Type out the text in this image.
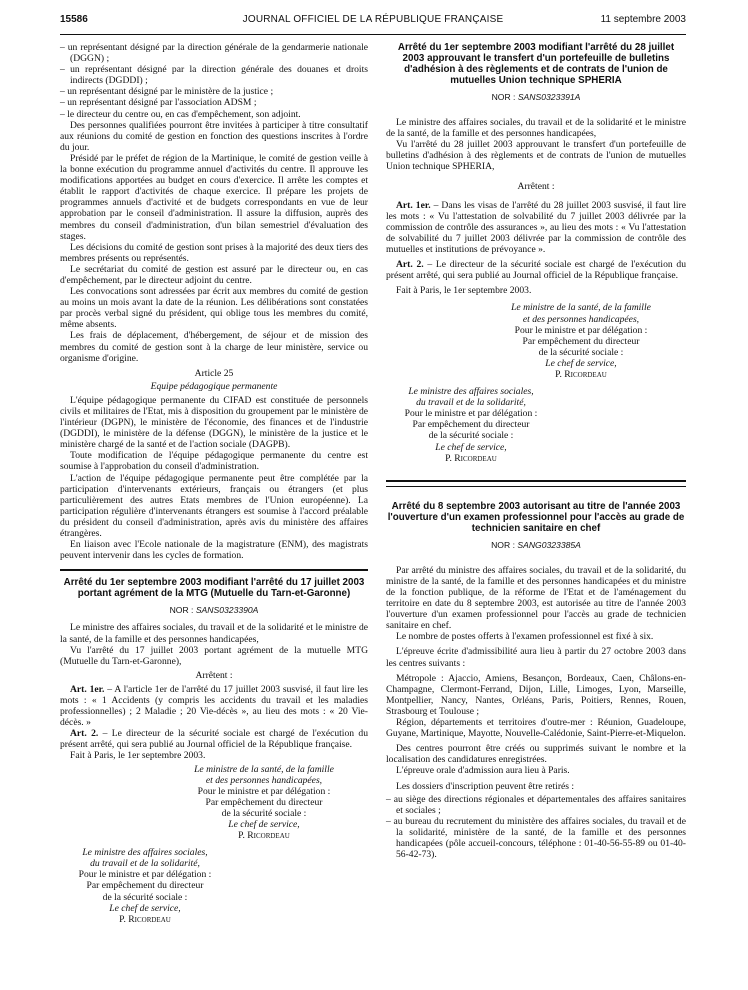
15586	JOURNAL OFFICIEL DE LA RÉPUBLIQUE FRANÇAISE	11 septembre 2003
– un représentant désigné par la direction générale de la gendarmerie nationale (DGGN) ;
– un représentant désigné par la direction générale des douanes et droits indirects (DGDDI) ;
– un représentant désigné par le ministère de la justice ;
– un représentant désigné par l'association ADSM ;
– le directeur du centre ou, en cas d'empêchement, son adjoint.

Des personnes qualifiées pourront être invitées à participer à titre consultatif aux réunions du comité de gestion en fonction des questions inscrites à l'ordre du jour.

Présidé par le préfet de région de la Martinique, le comité de gestion veille à la bonne exécution du programme annuel d'activités du centre. Il approuve les modifications apportées au budget en cours d'exercice. Il arrête les comptes et établit le rapport d'activités de chaque exercice. Il prépare les projets de programmes annuels d'activité et de budgets correspondants en vue de leur approbation par le conseil d'administration. Il assure la diffusion, auprès des membres du conseil d'administration, d'un bilan semestriel d'évaluation des stages.

Les décisions du comité de gestion sont prises à la majorité des deux tiers des membres présents ou représentés.

Le secrétariat du comité de gestion est assuré par le directeur ou, en cas d'empêchement, par le directeur adjoint du centre.

Les convocations sont adressées par écrit aux membres du comité de gestion au moins un mois avant la date de la réunion. Les délibérations sont constatées par procès verbal signé du président, qui oblige tous les membres du comité, même absents.

Les frais de déplacement, d'hébergement, de séjour et de mission des membres du comité de gestion sont à la charge de leur ministère, service ou organisme d'origine.

Article 25

Equipe pédagogique permanente

L'équipe pédagogique permanente du CIFAD est constituée de personnels civils et militaires de l'Etat, mis à disposition du groupement par le ministère de l'intérieur (DGPN), le ministère de l'économie, des finances et de l'industrie (DGDDI), le ministère de la défense (DGGN), le ministère de la justice et le ministère chargé de la santé et de l'action sociale (DAGPB).

Toute modification de l'équipe pédagogique permanente du centre est soumise à l'approbation du conseil d'administration.

L'action de l'équipe pédagogique permanente peut être complétée par la participation d'intervenants extérieurs, français ou étrangers (et plus particulièrement des autres Etats membres de l'Union européenne). La participation régulière d'intervenants étrangers est soumise à l'accord préalable du président du conseil d'administration, après avis du ministère des affaires étrangères.

En liaison avec l'Ecole nationale de la magistrature (ENM), des magistrats peuvent intervenir dans les cycles de formation.

Arrêté du 1er septembre 2003 modifiant l'arrêté du 17 juillet 2003 portant agrément de la MTG (Mutuelle du Tarn-et-Garonne)
NOR : SANS0323390A

Le ministre des affaires sociales, du travail et de la solidarité et le ministre de la santé, de la famille et des personnes handicapées,

Vu l'arrêté du 17 juillet 2003 portant agrément de la mutuelle MTG (Mutuelle du Tarn-et-Garonne),

Arrêtent :

Art. 1er. – A l'article 1er de l'arrêté du 17 juillet 2003 susvisé, il faut lire les mots : « 1 Accidents (y compris les accidents du travail et les maladies professionnelles) ; 2 Maladie ; 20 Vie-décès », au lieu des mots : « 20 Vie-décès. »

Art. 2. – Le directeur de la sécurité sociale est chargé de l'exécution du présent arrêté, qui sera publié au Journal officiel de la République française.

Fait à Paris, le 1er septembre 2003.

Le ministre de la santé, de la famille
et des personnes handicapées,
Pour le ministre et par délégation :
Par empêchement du directeur
de la sécurité sociale :
Le chef de service,
P. Ricordeau
Le ministre des affaires sociales,
du travail et de la solidarité,
Pour le ministre et par délégation :
Par empêchement du directeur
de la sécurité sociale :
Le chef de service,
P. Ricordeau
Arrêté du 1er septembre 2003 modifiant l'arrêté du 28 juillet 2003 approuvant le transfert d'un portefeuille de bulletins d'adhésion à des règlements et de contrats de l'union de mutuelles Union technique SPHERIA
NOR : SANS0323391A

Le ministre des affaires sociales, du travail et de la solidarité et le ministre de la santé, de la famille et des personnes handicapées,

Vu l'arrêté du 28 juillet 2003 approuvant le transfert d'un portefeuille de bulletins d'adhésion à des règlements et de contrats de l'union de mutuelles Union technique SPHERIA,

Arrêtent :

Art. 1er. – Dans les visas de l'arrêté du 28 juillet 2003 susvisé, il faut lire les mots : « Vu l'attestation de solvabilité du 7 juillet 2003 délivrée par la commission de contrôle des assurances », au lieu des mots : « Vu l'attestation de solvabilité du 7 juillet 2003 délivrée par la commission de contrôle des mutuelles et institutions de prévoyance ».

Art. 2. – Le directeur de la sécurité sociale est chargé de l'exécution du présent arrêté, qui sera publié au Journal officiel de la République française.

Fait à Paris, le 1er septembre 2003.

Le ministre de la santé, de la famille
et des personnes handicapées,
Pour le ministre et par délégation :
Par empêchement du directeur
de la sécurité sociale :
Le chef de service,
P. Ricordeau
Le ministre des affaires sociales,
du travail et de la solidarité,
Pour le ministre et par délégation :
Par empêchement du directeur
de la sécurité sociale :
Le chef de service,
P. Ricordeau
Arrêté du 8 septembre 2003 autorisant au titre de l'année 2003 l'ouverture d'un examen professionnel pour l'accès au grade de technicien sanitaire en chef
NOR : SANG0323385A

Par arrêté du ministre des affaires sociales, du travail et de la solidarité, du ministre de la santé, de la famille et des personnes handicapées et du ministre de la fonction publique, de la réforme de l'Etat et de l'aménagement du territoire en date du 8 septembre 2003, est autorisée au titre de l'année 2003 l'ouverture d'un examen professionnel pour l'accès au grade de technicien sanitaire en chef.

Le nombre de postes offerts à l'examen professionnel est fixé à six.

L'épreuve écrite d'admissibilité aura lieu à partir du 27 octobre 2003 dans les centres suivants :

Métropole : Ajaccio, Amiens, Besançon, Bordeaux, Caen, Châlons-en-Champagne, Clermont-Ferrand, Dijon, Lille, Limoges, Lyon, Marseille, Montpellier, Nancy, Nantes, Orléans, Paris, Poitiers, Rennes, Rouen, Strasbourg et Toulouse ;

Région, départements et territoires d'outre-mer : Réunion, Guadeloupe, Guyane, Martinique, Mayotte, Nouvelle-Calédonie, Saint-Pierre-et-Miquelon.

Des centres pourront être créés ou supprimés suivant le nombre et la localisation des candidatures enregistrées.

L'épreuve orale d'admission aura lieu à Paris.

Les dossiers d'inscription peuvent être retirés :

– au siège des directions régionales et départementales des affaires sanitaires et sociales ;
– au bureau du recrutement du ministère des affaires sociales, du travail et de la solidarité, ministère de la santé, de la famille et des personnes handicapées (pôle accueil-concours, téléphone : 01-40-56-55-89 ou 01-40-56-42-73).
